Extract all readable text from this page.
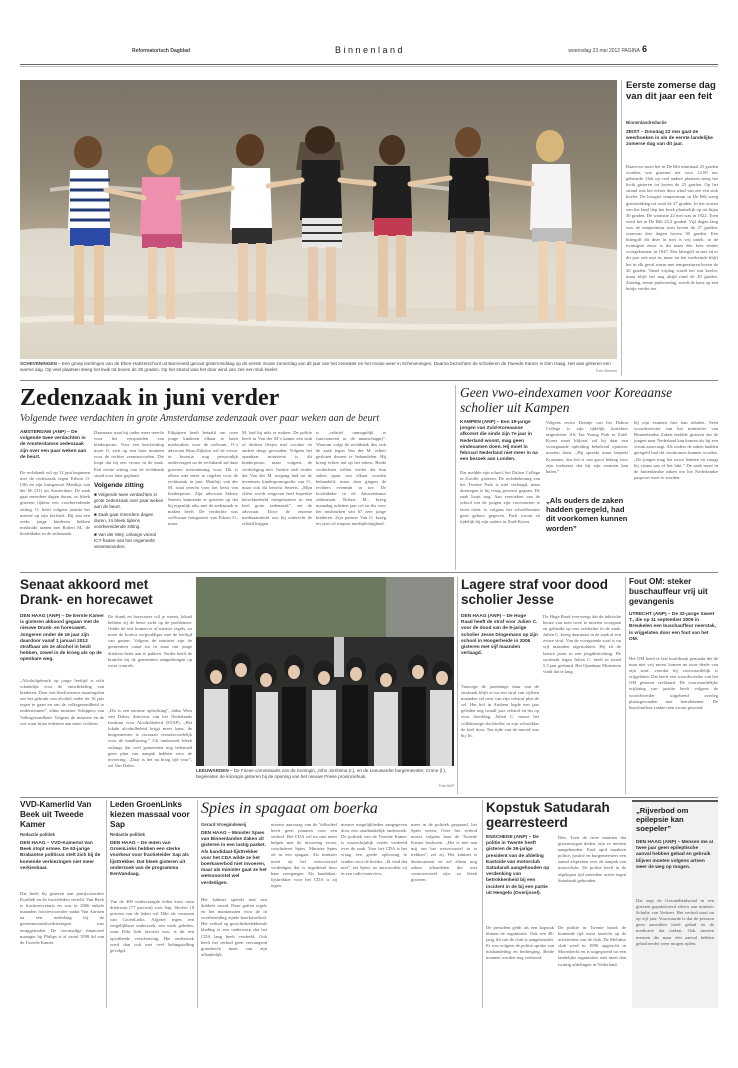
Reformatorisch Dagblad	Binnenland	woensdag 23 mei 2012 PAGINA 6
SCHEVENINGEN – Een groep leerlingen van de Eben-Haëzerschool uit Barneveld genoot gisternmiddag op de eerste mooie zomerdag van dit jaar van het zeewater en het mooie weer in Scheveningen. Daarna bezochten de scholieren de Tweede Kamer in Den Haag. Het was gisteren een warme dag. Op veel plaatsen steeg het kwik tot boven de 25 graden. Op het strand was het door wind van zee een stuk koeler.	Foto Mennim
Eerste zomerse dag van dit jaar een feit
Binnenlandredactie
ZEIST – Dinsdag 22 mei gaat de weerboeken in als de eerste landelijke zomerse dag van dit jaar.
Daarvoor moet het in De Bilt minimaal 25 graden worden, wat gisteren net voor 12.00 uur gebeurde. Ook op veel andere plaatsen steeg het kwik gisteren tot boven de 25 graden. Op het strand was het echter door wind van zee een stuk koeler. De hoogste temperatuur in De Bilt steeg gistermiddag tot rond de 27 graden. In het oosten van het land liep het kwik plaatselijk op tot bijna 30 graden. De warmste 22 mei was in 1922. Toen werd het in De Bilt 25,2 graden. Vijf dagen lang was de temperatuur toen boven de 27 graden, waarvan drie dagen boven 30 graden. Een hittegolf dit deze in mei is vrij uniek: in de twintigste eeuw is dit maar één keer eerder voorgekomen: in 1947. Een hittegolf in mei zit er dit jaar ook niet in, maar tot het weekeinde blijft het in elk geval warm met temperaturen boven de 20 graden. Vanaf vrijdag wordt het wat koeler, maar blijft het nog altijd rond de 20 graden. Zondag, eerste pinksterdag, wordt de kans op een buitje verder toe.
Zedenzaak in juni verder
Volgende twee verdachten in grote Amsterdamse zedenzaak over paar weken aan de beurt
AMSTERDAM (ANP) – De volgende twee verdachten in de Amsterdamse zedenzaak zijn over een paar weken aan de beurt.
De rechtbank wil op 12 juni beginnen met de rechtszaak tegen Edwin O. (36) en zijn huisgenoot Matthijs van der M. (31) uit Amsterdam. De zaak gaat meerdere dagen duren, zo bleek gisteren tijdens een voorbereidende zitting. O. heeft volgens justitie het meeste op zijn kerfstok. Hij zou een reeks jonge kinderen hebben misbruikt samen met Robert M., de hoofddader in de zedenzaak.
Daarnaast staat hij onder meer terecht voor het verspreiden van kinderporno. Voor een bescheiding moet O. zich op een later moment voor de rechter verantwoorden. Die loopt dat bij een vrouw in de zaak. Een eerste zitting van de rechtbank stond voor later gepland.
Volgende zitting
■ Volgende twee verdachten in grote zedenzaak over paar weken aan de beurt.
■ Zaak gaat meerdere dagen duren, zo bleek tijdens voorbereidende zitting.
■ Van der Meij: onlangs vooral ICT-fouten van het ongemerkt verantwoorden.
Filipijnen heeft betaald om twee jonge kinderen elkaar te laten misbruiken voor de webcam. O.'s advocaat Rina Dijkstra wil de vrouw in kwestie nog persoonlijk ondervragen na de rechtbank zal daar gisteren toestemming voor. Dit is alleen niet meer te regelen voor de rechtszaak in juni. Matthijs van der M. staat terecht voor het bezit van kinderporno. Zijn advocaat Sidney Smeets kunnende er gisteren op dat hij ergenlijk niks met de zedenzaak te maken heeft. De verdachte was wellswaar huisgenoot van Edwin O., maar.
M. had hij niks te maken. De politie heeft in Van der M.'s kamer een stuk of dertien flesjes met cocaïne en andere drugs gevonden. Volgens het openbaar ministerie is dit kinderporno, maar volgens de verdediging niet. Justitie stelt verder dat Van der M. toegang had tot de inventaris kinderpornografie van O., maar ook dit betwist Smeets. „Mijn cliënt wordt vergeven heel beperkte betrokkenheid meegenomen in een heel grote zedenzaak”, zei de advocaat. Door de enorme mediaaandacht zou hij onterecht de schuld krijgen.
is „relatief onmogelijk te functioneren in de maatschappij”. Waarom volgt de rechtbank dus ook de zaak tegen Van der M. achter gesloten deuren te behandelen. Hij kreeg echter nul op het rekest. Beide verdachten willen verder dat hun zaken apart van elkaar worden behandeld, maar daar gingen de rechters evenmin in toe. De hoofddader in de Amsterdamse zedenzaak, Robert M., kreeg maandag achttien jaar cel en tbs voor het misbruiken van 67 zeer jonge kinderen. Zijn partner Van O. kreeg tes jaar cel wegens medeplichtigheid.
Geen vwo-eindexamen voor Koreaanse scholier uit Kampen
KAMPEN (ANP) – Een 19-jarige jongen van Zuid-Koreaanse afkomst die sinds zijn 7e jaar in Nederland woont, mag geen eindexamen doen. Hij moet in februari Nederland niet meer in na een bezoek aan Londen.
Dat meldde zijn school, het Dalton College in Zwolle, gisteren. De rechtbekening van het Twente Park is niet verlengd, maar duurtegen is hij terug geweest gegaan. De zaak loopt nog. Aan verzoeken van de school om de jongen zijn voorvaarten te laten doen, is volgens het schoolbestuur geen gehoor gegeven. Park woont en tijdelijk bij zijn ouders in Zuid-Korea.
Volgens rector Drentje van het Dalton College is zijn tijdelijk korrekter uitgesloten. Als Tae Young Park in Zuid-Korea moet blijven, zal hij daar een voortgaande opleiding behalveal opnieuw moeten doen. „Hij spreekt maar beperkt Koreaans, dus het is van groot belang voor zijn toekomst dat hij zijn examen kan halen.”
„Als ouders de zaken hadden geregeld, had dit voorkomen kunnen worden”
hij zijn examen hier kan inhalen. Seen woordvoerster van het ministerie van Binnenlandse Zaken meldde gisteren dat de jongen naar Nederland kan komen als hij een visum aanvraagt. Als ouders de zaken hadden geregeld had dit voorkomen kunnen worden. „De jongen mag het risico kennen en vraagt hij visum aan of het lukt.” De zaak moet in de buitenlandse zaken om het Nederlandse paspoort weer te worden.
Senaat akkoord met Drank- en horecawet
DEN HAAG (ANP) – De Eerste Kamer is gisteren akkoord gegaan met de nieuwe Drank- en horecawet. Jongeren onder de 16 jaar zijn daardoor vanaf 1 januari 2013 strafbaar als ze alcohol in bezit hebben, zowel in de kroeg als op de openbare weg.
„Alcoholgebruik op jonge leeftijd is echt schadelijk voor de ontwikkeling van kinderen. Door wet biedt nieuwe maatregelen om het gebruik van alcohol onder de 16 jaar tegen te gaan en om de volksgezondheid te ondersteunen”, aldus minister Schippers van Volksgezondheid. Volgens de minister en de wet waar bijna iedereen aan moet voldoen.
De drank en horecawet wil je weten, lokaal hebben zij de beste zicht op de problemen. Onder de wet komen er al nieuwe regels, zo moet de horeca zorgvuldiger met de leeftijd van gasten. Volgens de minister zijn de gemeenten vanaf nu in staat om jonge drinkers beter aan te pakken. Verder heeft de branche bij de gemeenten aangedrongen op extra controle.
„Dit is een enorme opluchting”, aldus Wim van Dalen, directeur van het Nederlands Instituut voor Alcoholbeleid (STAP). „Het lokale alcoholbeleid krijgt meer kans, de burgemeester is voortaan verantwoordelijk voor de handhaving.” Uit onderzoek bleek onlangs dat veel gemeenten nog helemaal geen plan van aanpak hebben voor de invoering. „Daar is het nu hoog tijd voor”, zei Van Dalen.
LEEUWARDEN – De Friese commissaris van de Koningin, John Jorritsma (r.), en de Leeuwarder burgemeester, Crone (l.), begeleiden de koningin gisteren bij de opening van het nieuwe Friese provinciehuis.
Foto ANP
Lagere straf voor dood scholier Jesse
DEN HAAG (ANP) – De Hoge Raad heeft de straf voor Julien C. voor de dood van de 9-jarige scholier Jesse Dingemans op zijn school in Hoogerheide in 2006 gisteren met vijf maanden verlaagd.
Vanwege de jarenlange duur van de strafzaak blijft er nu een straf van vijftien maanden cel over van zijn celstraf plus de cel. Het hof in Arnhem legde een jaar geleden nog twaalf jaar celstraf en tbs op voor doodslag. Julien C. moest het willekeurige slachtoffer in zijn schoolklas de keel door. Ten tijde van de moord was hij 16.
De Hoge Raad overweegt dat de taktische keuze van toen twee te moeten voorgaan en gebruikt op een verdachte in de zaak. Julien C. kreeg daarnaast in de zaak al een zware straf. Van de voorgaande straf is nu vijf maanden afgetrokken. Hij zit de laatste jaren in een jeugdinrichting. De strafzaak tegen Julien C. heeft in totaal 5,5 jaar geduurd. Het Openbaar Ministerie vindt dat te lang.
Fout OM: steker buschauffeur vrij uit gevangenis
UTRECHT (ANP) – De 32-jarige Sawet T., die op 11 september 2009 in Breukelen een buschauffeur neerstak, is vrijgelaten door een fout van het OM.
Het OM heeft te laat hoofdzaak gemaakt die de man niet vrij moest komen na twee derde van zijn straf, voordat hij voorwaardelijk is vrijgelaten. Dat heeft een woordvoerder van het OM gisteren verklaard. De voorwaardelijke vrijlating van justitie heeft volgens de woordvoerder uitgebreid overleg plaatsgevonden met betrokkenen. De buschauffeur raakte toen zwaar gewond.
VVD-Kamerlid Van Beek uit Tweede Kamer
Redactie politiek
DEN HAAG – VVD-Kamerlid Van Beek stopt ermee. De 63-jarige Brabantse politicus stelt zich bij de komende verkiezingen niet meer verkiesbaar.
Dat heeft hij gisteren aan partijvoorzitter Kortlieb en de fractieleden verteld. Van Beek is fractiesecretaris en was in 2006 enkele maanden fractievoorzitter nadat Van Aartsen na een nederlaag bij de gemeenteraadsverkiezingen was teruggetreden. De voormalige financieel manager bij Philips is al vanaf 1998 lid van de Tweede Kamer.
Leden GroenLinks kiezen massaal voor Sap
Redactie politiek
DEN HAAG – De leden van GroenLinks hebben een sterke voorkeur voor fractieleider Sap als lijsttrekker. Dat bleek gisteren uit onderzoek van de programma EenVandaag.
Van de 400 ondervraagde leden koos ruim driekwart (77 procent) voor Sap. Slechts 18 procent van de leden wil Dibi als voorman van GroenLinks. Afgezet tegen een vergelijkbaar onderzoek, een week geleden, waar Dibi licht favoriet was, is dit een opvallende verschuiving. Het onderzoek werd dan ook met veel belangstelling gevolgd.
Spies in spagaat om boerka
Gerard Vroegindeweij
DEN HAAG – Minister Spies van Binnenlandse Zaken zit gisteren in een lastig parket. Als kandidaat-lijsttrekker voor het CDA wilde ze het boerkaverbod niet invoeren, maar als minister gaat ze het wetsvoorstel wel verdedigen.
Het kabinet spreekt met een dubbele mond. Deze gaften regels en het mantamaten voor de in voorbereiding zijnde boerkaverbod. Het verbod op gezichtsbedekkende kleding is een onderwerp dat het CDA lang heeft verdeeld. Ook heeft het verbod geen vervangend grondrecht maar van zijn afhankelijk.
nieuwe aanvraag van de Volksdeel heeft geen plannen voor een verbod. Het CDA wil nu niet meer helpen met de invoering ervan, concludeert Spies. Minister Spies zit in een spagaat. Als minister moet zij het wetsvoorstel verdedigen dat is ingediend door haar voorganger. Als kandidaat-lijsttrekker voor het CDA is zij tegen.
nieuwe mogelijkheden aangegeven door een onafhankelijk onderzoek. De politiek van de Tweede Kamer is waarschijnlijk verder verdeeld over de zaak. Voor het CDA is het vraag een goede oplossing te vinden voor de boerka. „Ik vind dat niet”, zei Spies, zo antwoordde zij in een radio-interview.
meer in de politiek gespaard, liet Spies weten. Over het verbod moest volgens haar de Tweede Kamer beslissen. „Het is niet aan mij om het wetsvoorstel in te trekken”, zei zij. Het kabinet is demissionair en zal alleen nog zaken afhandelen die niet controversieel zijn, zo bleek gisteren.
Kopstuk Satudarah gearresteerd
ENSCHEDE (ANP) – De politie in Twente heeft gisteren de 36-jarige president van de afdeling Eastside van motorclub Satudarah aangehouden op verdenking van betrokkenheid bij een incident in de bij een partie uit Hengelo (Overijssel).
De president geldt als een kopstuk binnen de organisatie. Ook een 48-jarig lid van de club is aangehouden. Er was volgens de politie sprake van mishandeling en bedreiging. Beide mannen worden nog verhoord.
Den. Toen de twee mannen dat gistermorgen deden, zijn ze meteen aangehouden. Eind april maakten politie, justitie en burgemeesters een aantal afspraken over de aanpak van motorclubs. De politie heeft in de afgelopen tijd meerdere acties tegen Satudarah gehouden.
De politie in Twente houdt de komende tijd extra toezicht op de activiteiten van de club. De Molukse club werd in 1990 opgericht in Moordrecht en is uitgegroeid tot een landelijke organisatie, met meer dan twintig afdelingen in Nederland.
„Rijverbod om epilepsie kan soepeler”
DEN HAAG (ANP) – Mensen die al twee jaar geen epileptische aanval hebben gehad en gebruik blijven moeten volgens artsen weer de weg op mogen.
Dat zegt de Gezondheidsraad in een gisteren gepubliceerd advies aan minister Schultz van Verkeer. Het verbod staat nu op vijf jaar. Voorwaarde is dat de persoon geen aanvallen heeft gehad en de medicatie dat toelaat. Ook moeten mensen die maar één aanval hebben gehad eerder weer mogen rijden.
